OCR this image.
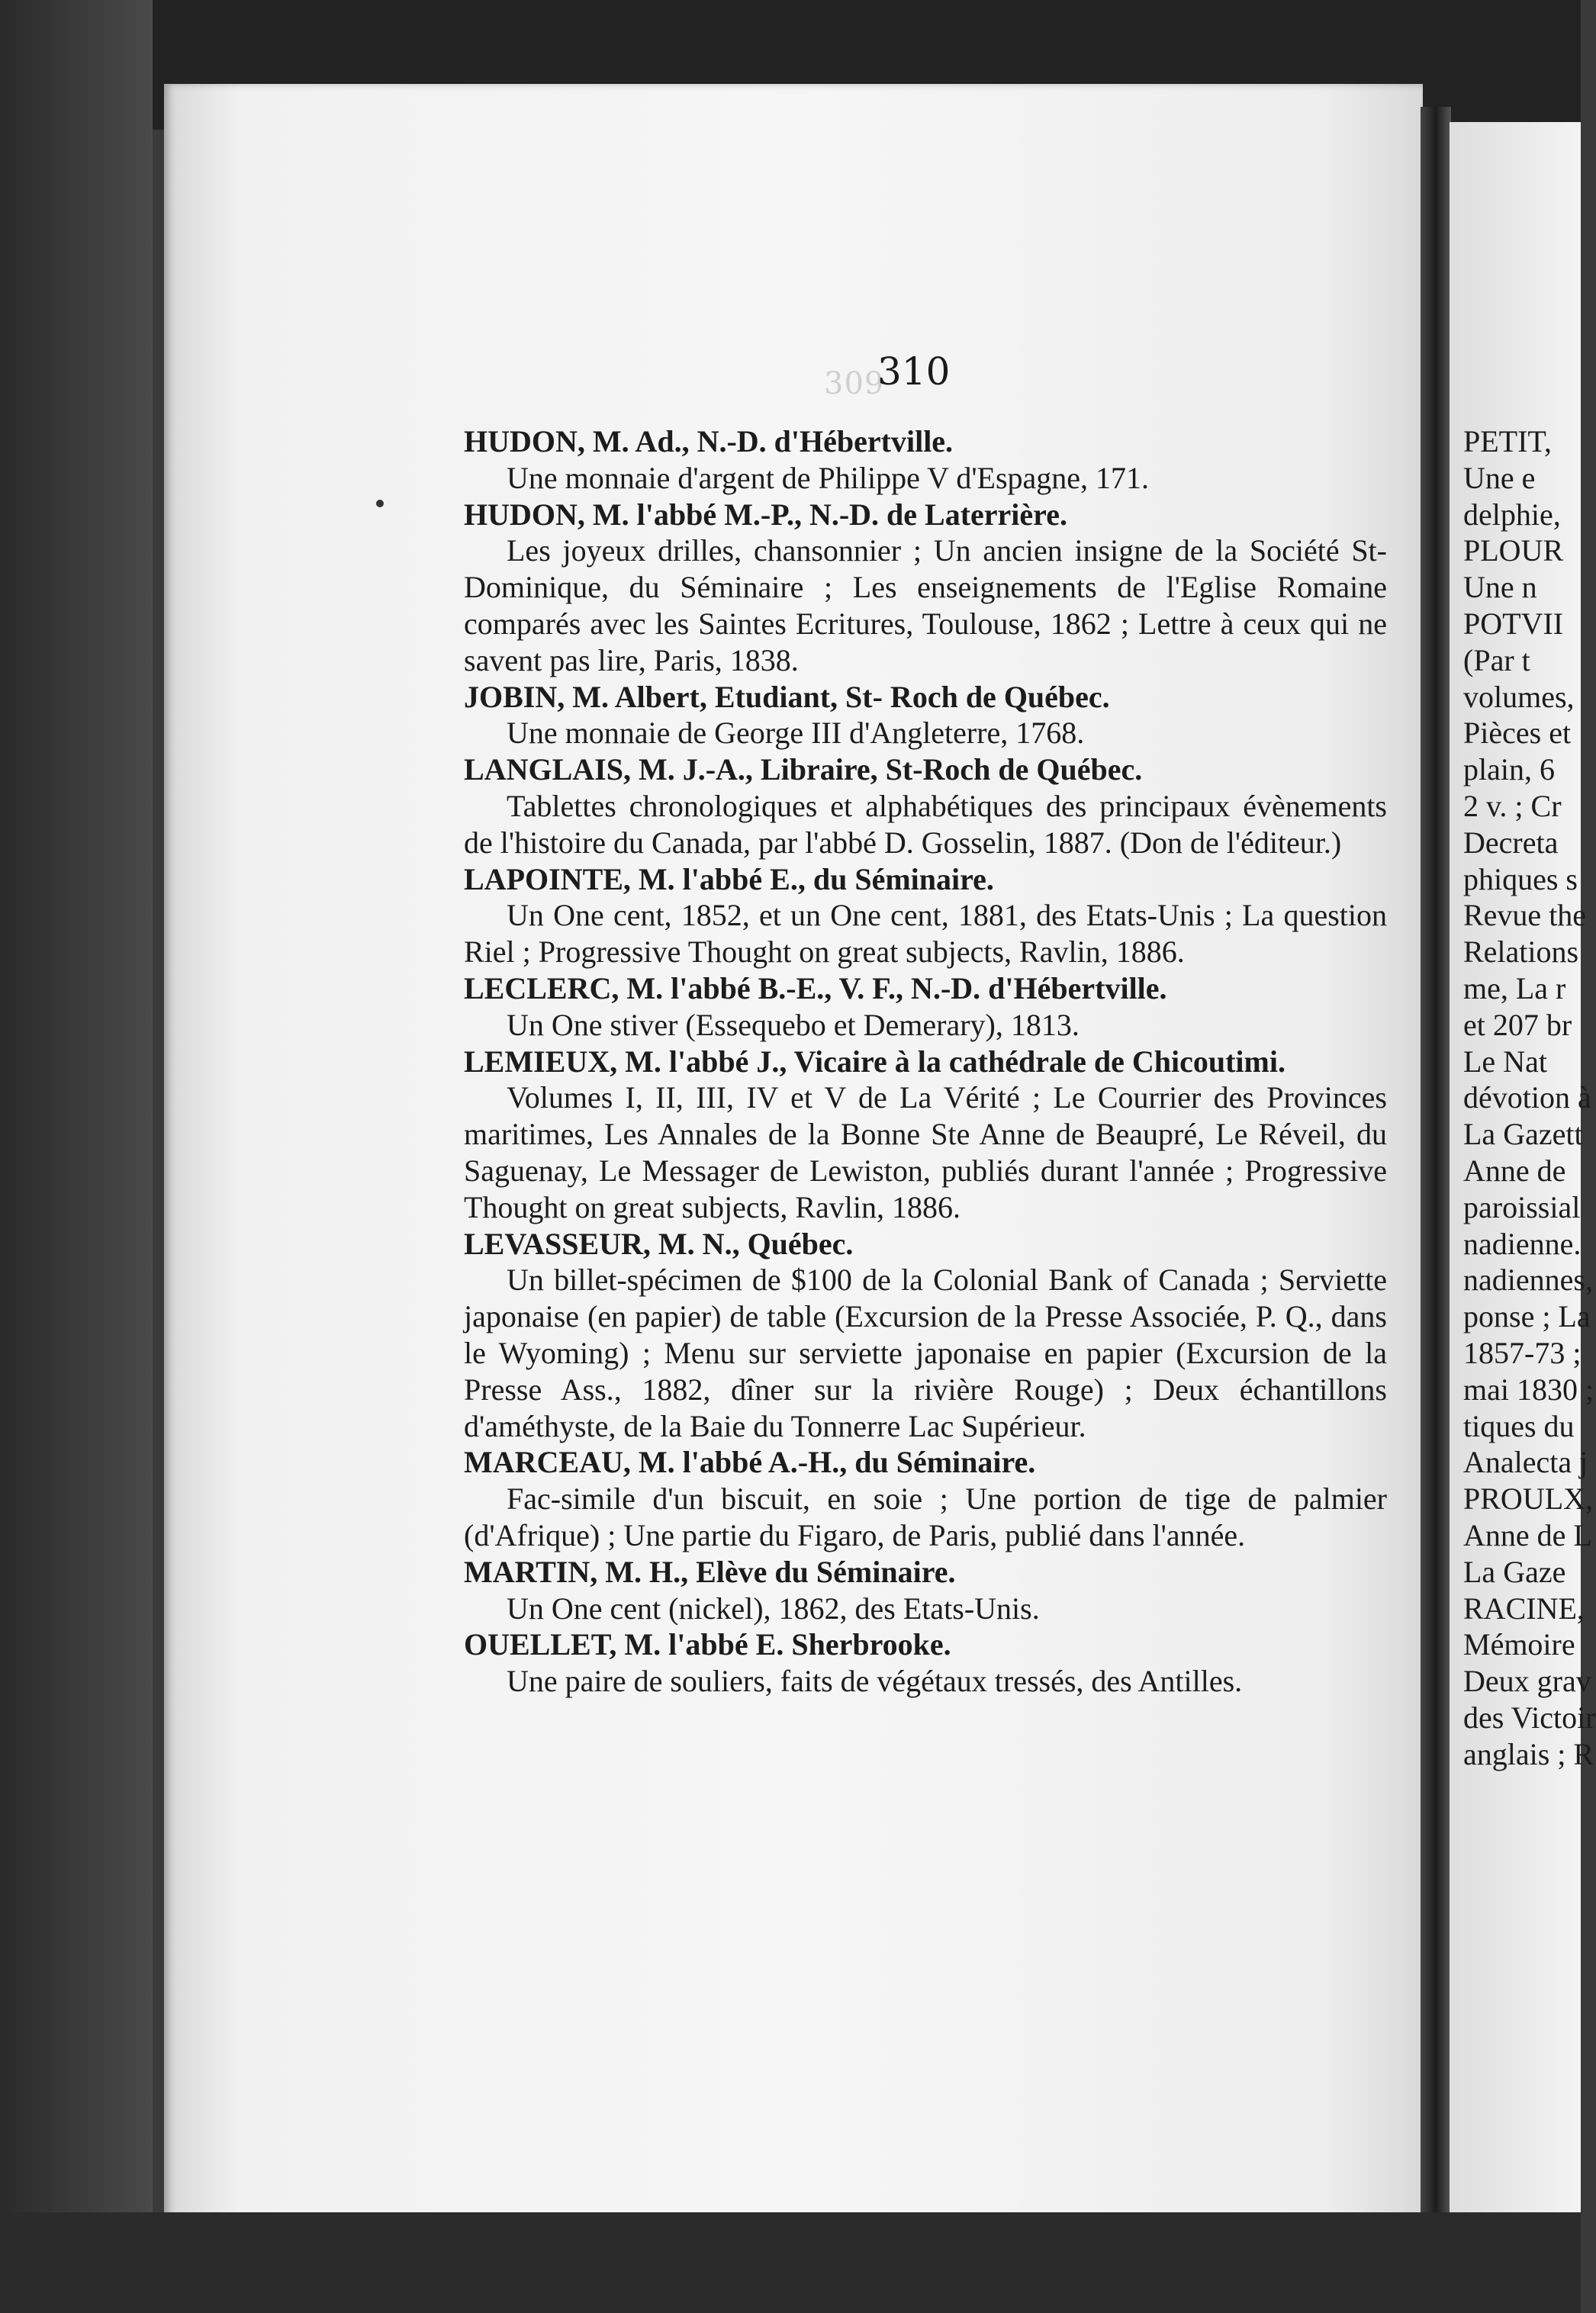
309
310

HUDON, M. Ad., N.-D. d'Hébertville.

Une monnaie d'argent de Philippe V d'Espagne, 171.

HUDON, M. l'abbé M.-P., N.-D. de Laterrière.

Les joyeux drilles, chansonnier ; Un ancien insigne de la Société St-Dominique, du Séminaire ; Les enseignements de l'Eglise Romaine comparés avec les Saintes Ecritures, Toulouse, 1862 ; Lettre à ceux qui ne savent pas lire, Paris, 1838.

JOBIN, M. Albert, Etudiant, St- Roch de Québec.

Une monnaie de George III d'Angleterre, 1768.

LANGLAIS, M. J.-A., Libraire, St-Roch de Québec.

Tablettes chronologiques et alphabétiques des principaux évènements de l'histoire du Canada, par l'abbé D. Gosselin, 1887. (Don de l'éditeur.)

LAPOINTE, M. l'abbé E., du Séminaire.

Un One cent, 1852, et un One cent, 1881, des Etats-Unis ; La question Riel ; Progressive Thought on great subjects, Ravlin, 1886.

LECLERC, M. l'abbé B.-E., V. F., N.-D. d'Hébertville.

Un One stiver (Essequebo et Demerary), 1813.

LEMIEUX, M. l'abbé J., Vicaire à la cathédrale de Chicoutimi.

Volumes I, II, III, IV et V de La Vérité ; Le Courrier des Provinces maritimes, Les Annales de la Bonne Ste Anne de Beaupré, Le Réveil, du Saguenay, Le Messager de Lewiston, publiés durant l'année ; Progressive Thought on great subjects, Ravlin, 1886.

LEVASSEUR, M. N., Québec.

Un billet-spécimen de $100 de la Colonial Bank of Canada ; Serviette japonaise (en papier) de table (Excursion de la Presse Associée, P. Q., dans le Wyoming) ; Menu sur serviette japonaise en papier (Excursion de la Presse Ass., 1882, dîner sur la rivière Rouge) ; Deux échantillons d'améthyste, de la Baie du Tonnerre Lac Supérieur.

MARCEAU, M. l'abbé A.-H., du Séminaire.

Fac-simile d'un biscuit, en soie ; Une portion de tige de palmier (d'Afrique) ; Une partie du Figaro, de Paris, publié dans l'année.

MARTIN, M. H., Elève du Séminaire.

Un One cent (nickel), 1862, des Etats-Unis.

OUELLET, M. l'abbé E. Sherbrooke.

Une paire de souliers, faits de végétaux tressés, des Antilles.

PETIT,
Une e
delphie,
PLOUR
Une n
POTVII
(Par t
volumes,
Pièces et
plain, 6
2 v. ; Cr
Decreta
phiques s
Revue the
Relations
me, La r
et 207 br
Le Nat
dévotion à
La Gazett
Anne de
paroissial
nadienne.
nadiennes,
ponse ; La
1857-73 ;
mai 1830 ;
tiques du
Analecta j
PROULX,
Anne de L
La Gaze
RACINE,
Mémoire
Deux grav
des Victoir
anglais ; R
